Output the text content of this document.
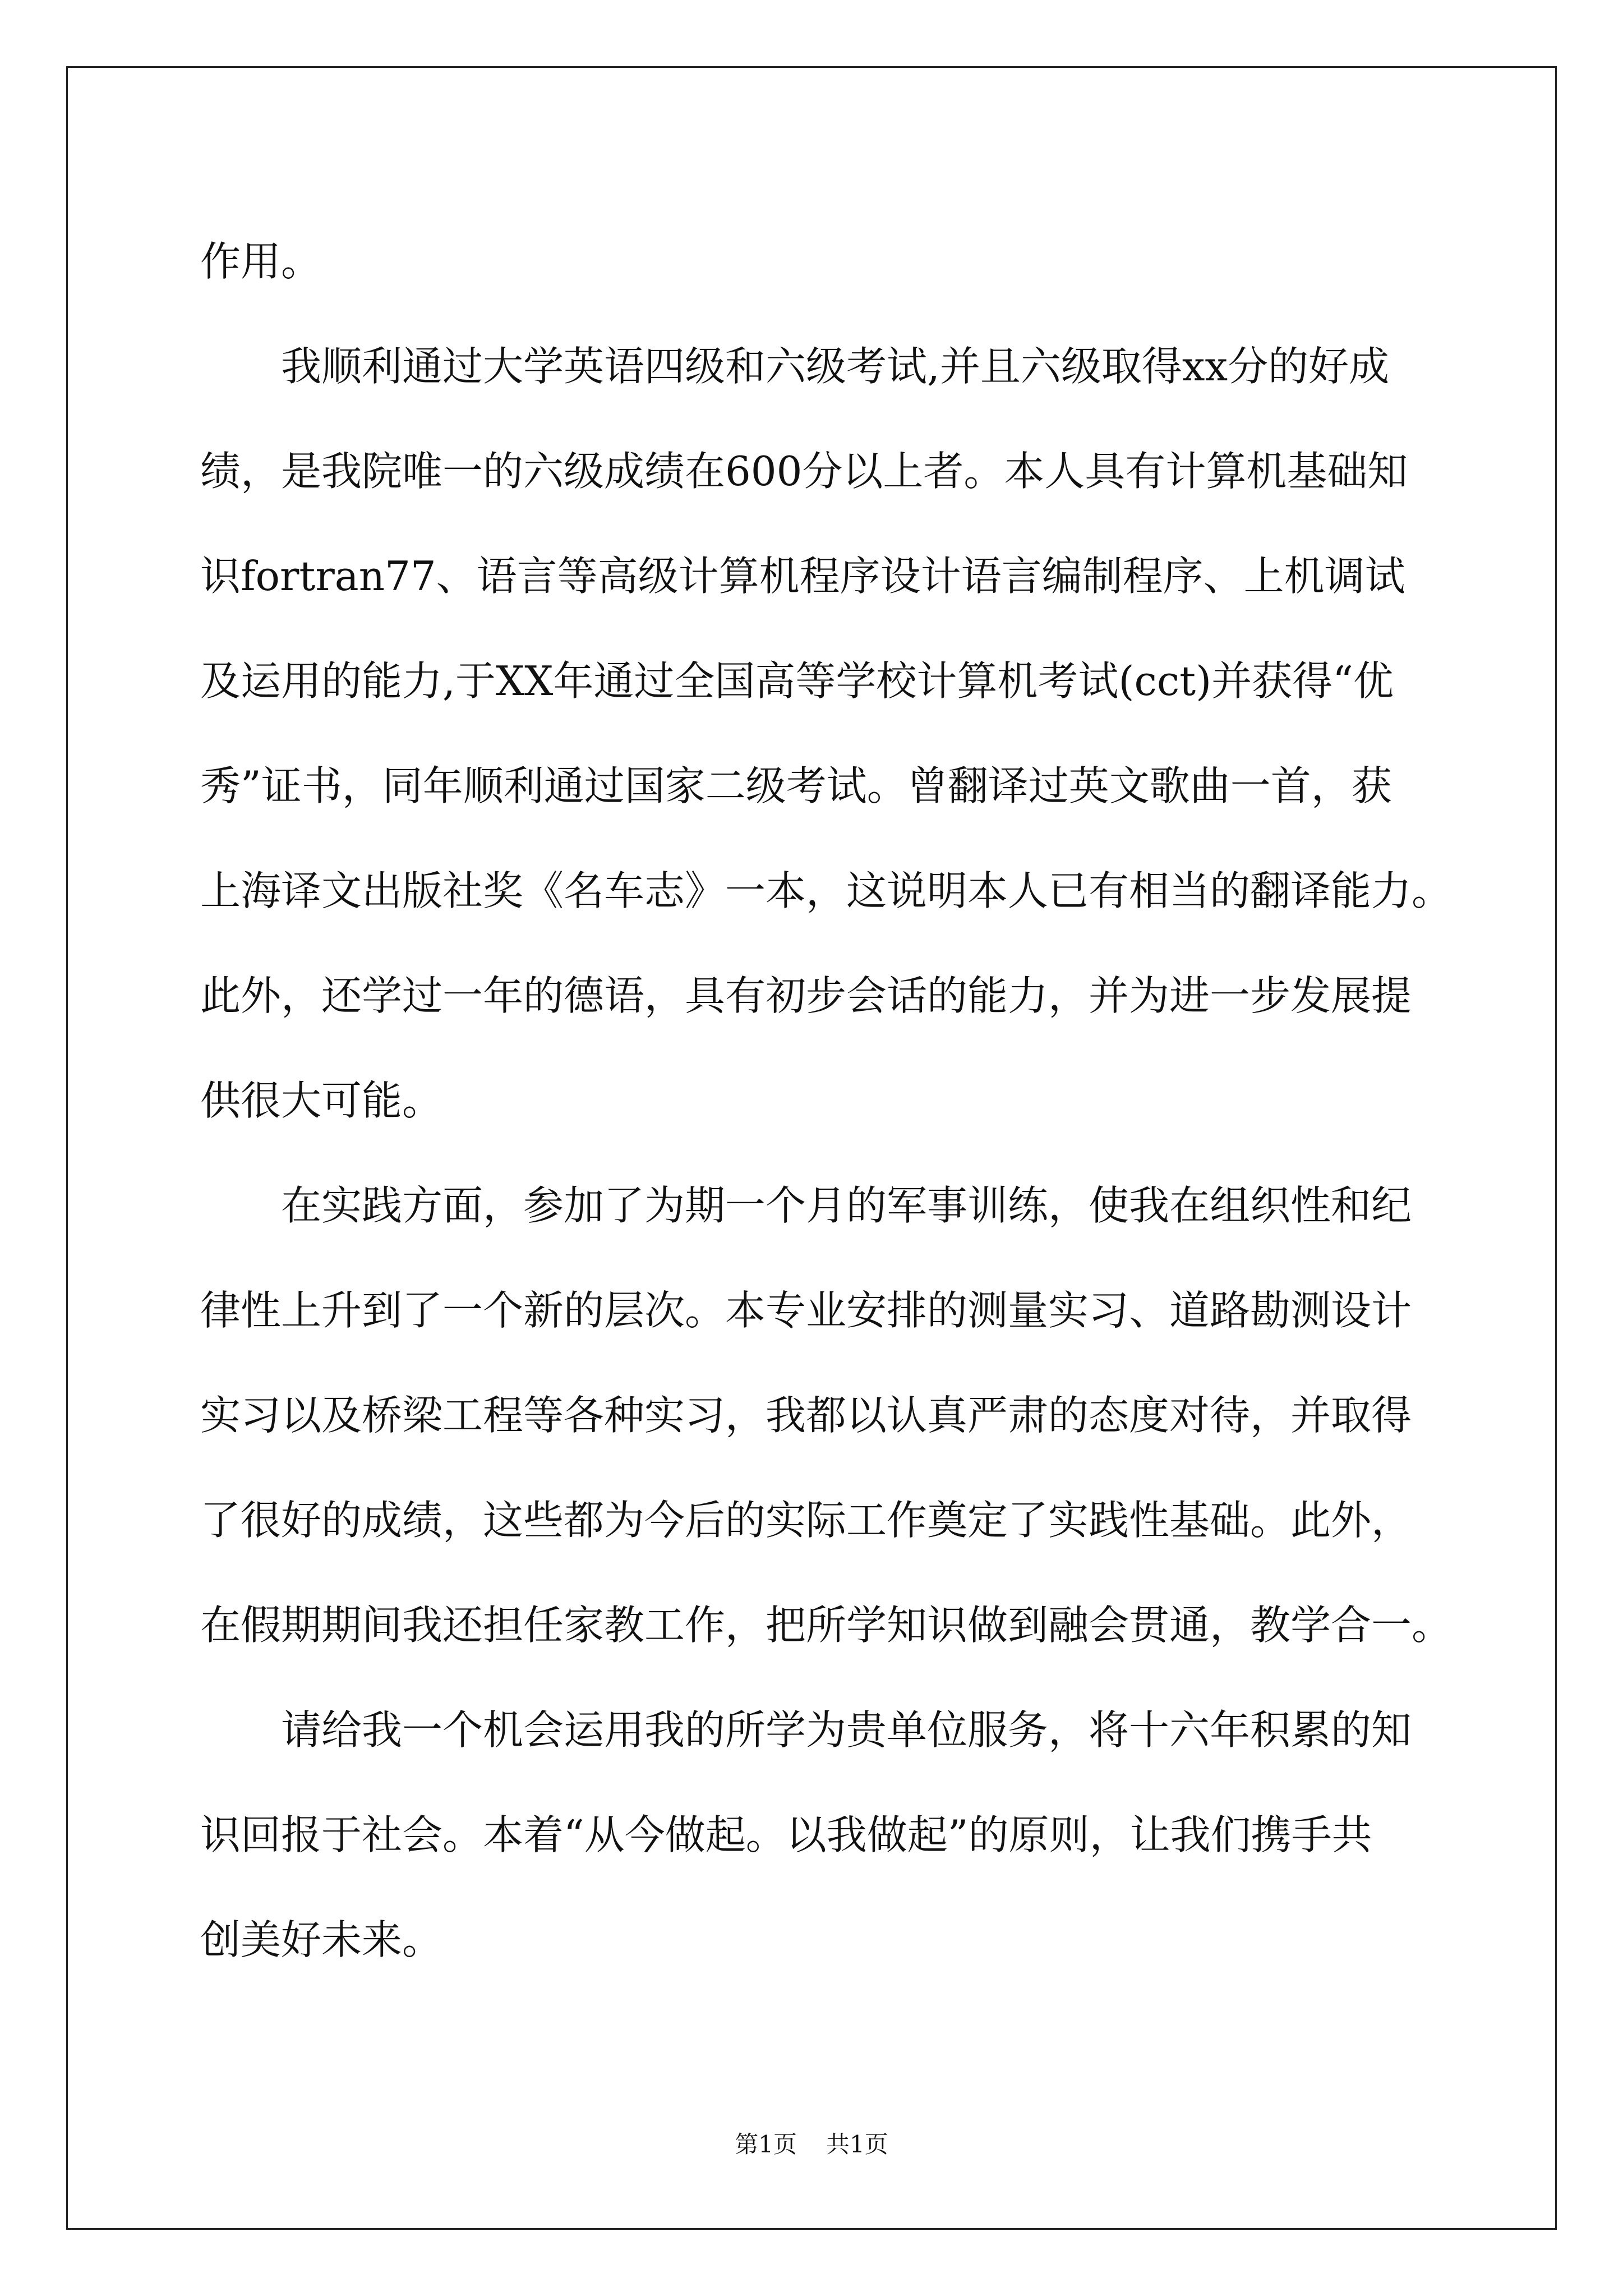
作用。
　　我顺利通过大学英语四级和六级考试,并且六级取得xx分的好成
绩，是我院唯一的六级成绩在600分以上者。本人具有计算机基础知
识fortran77、语言等高级计算机程序设计语言编制程序、上机调试
及运用的能力,于XX年通过全国高等学校计算机考试(cct)并获得“优
秀”证书，同年顺利通过国家二级考试。曾翻译过英文歌曲一首，获
上海译文出版社奖《名车志》一本，这说明本人已有相当的翻译能力。
此外，还学过一年的德语，具有初步会话的能力，并为进一步发展提
供很大可能。
　　在实践方面，参加了为期一个月的军事训练，使我在组织性和纪
律性上升到了一个新的层次。本专业安排的测量实习、道路勘测设计
实习以及桥梁工程等各种实习，我都以认真严肃的态度对待，并取得
了很好的成绩，这些都为今后的实际工作奠定了实践性基础。此外，
在假期期间我还担任家教工作，把所学知识做到融会贯通，教学合一。
　　请给我一个机会运用我的所学为贵单位服务，将十六年积累的知
识回报于社会。本着“从今做起。以我做起”的原则，让我们携手共
创美好未来。
第1页 共1页
